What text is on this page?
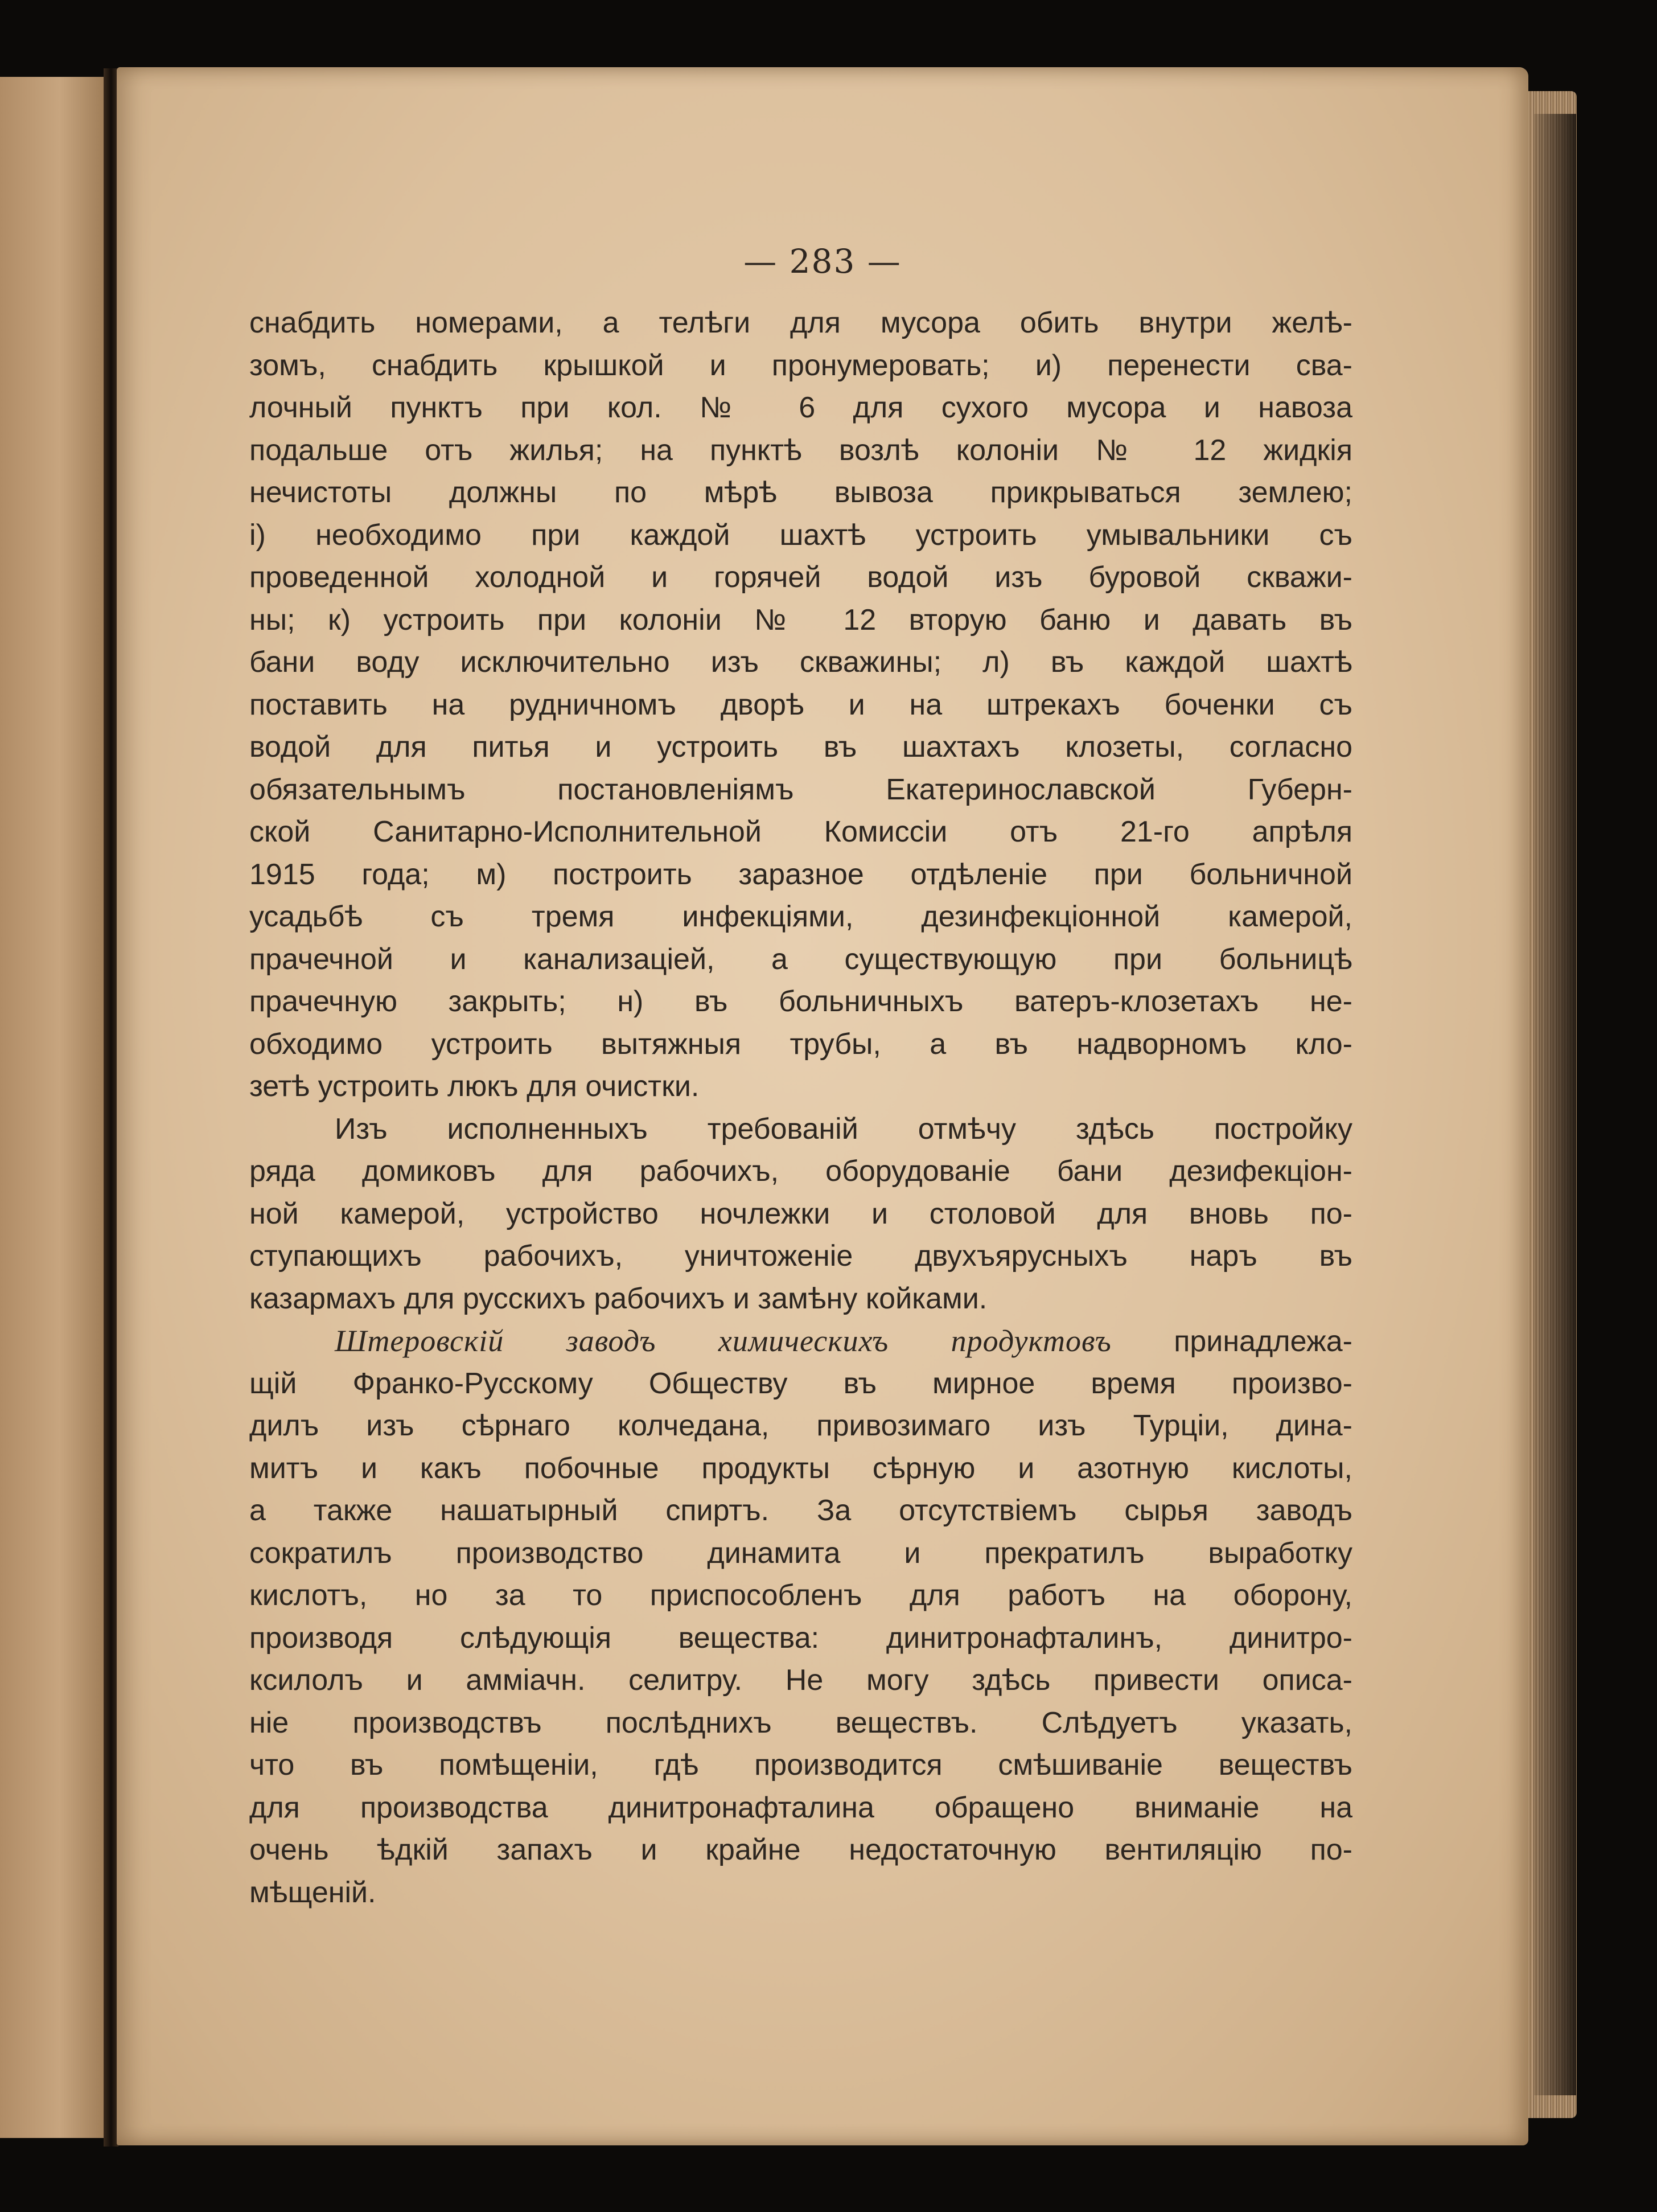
— 283 —
снабдить номерами, а телѣги для мусора обить внутри желѣ-
зомъ, снабдить крышкой и пронумеровать; и) перенести сва-
лочный пунктъ при кол. № 6 для сухого мусора и навоза
подальше отъ жилья; на пунктѣ возлѣ колоніи № 12 жидкія
нечистоты должны по мѣрѣ вывоза прикрываться землею;
і) необходимо при каждой шахтѣ устроить умывальники съ
проведенной холодной и горячей водой изъ буровой скважи-
ны; к) устроить при колоніи № 12 вторую баню и давать въ
бани воду исключительно изъ скважины; л) въ каждой шахтѣ
поставить на рудничномъ дворѣ и на штрекахъ боченки съ
водой для питья и устроить въ шахтахъ клозеты, согласно
обязательнымъ постановленіямъ Екатеринославской Губерн-
ской Санитарно-Исполнительной Комиссіи отъ 21-го апрѣля
1915 года; м) построить заразное отдѣленіе при больничной
усадьбѣ съ тремя инфекціями, дезинфекціонной камерой,
прачечной и канализацiей, а существующую при больницѣ
прачечную закрыть; н) въ больничныхъ ватеръ-клозетахъ не-
обходимо устроить вытяжныя трубы, а въ надворномъ кло-
зетѣ устроить люкъ для очистки.
Изъ исполненныхъ требованій отмѣчу здѣсь постройку
ряда домиковъ для рабочихъ, оборудованіе бани дезифекціон-
ной камерой, устройство ночлежки и столовой для вновь по-
ступающихъ рабочихъ, уничтоженіе двухъярусныхъ наръ въ
казармахъ для русскихъ рабочихъ и замѣну койками.
Штеровскій заводъ химическихъ продуктовъ принадлежа-
щій Франко-Русскому Обществу въ мирное время произво-
дилъ изъ сѣрнаго колчедана, привозимаго изъ Турціи, дина-
митъ и какъ побочные продукты сѣрную и азотную кислоты,
а также нашатырный спиртъ. За отсутствіемъ сырья заводъ
сократилъ производство динамита и прекратилъ выработку
кислотъ, но за то приспособленъ для работъ на оборону,
производя слѣдующія вещества: динитронафталинъ, динитро-
ксилолъ и амміачн. селитру. Не могу здѣсь привести описа-
ніе производствъ послѣднихъ веществъ. Слѣдуетъ указать,
что въ помѣщеніи, гдѣ производится смѣшиваніе веществъ
для производства динитронафталина обращено вниманіе на
очень ѣдкій запахъ и крайне недостаточную вентиляцію по-
мѣщеній.
